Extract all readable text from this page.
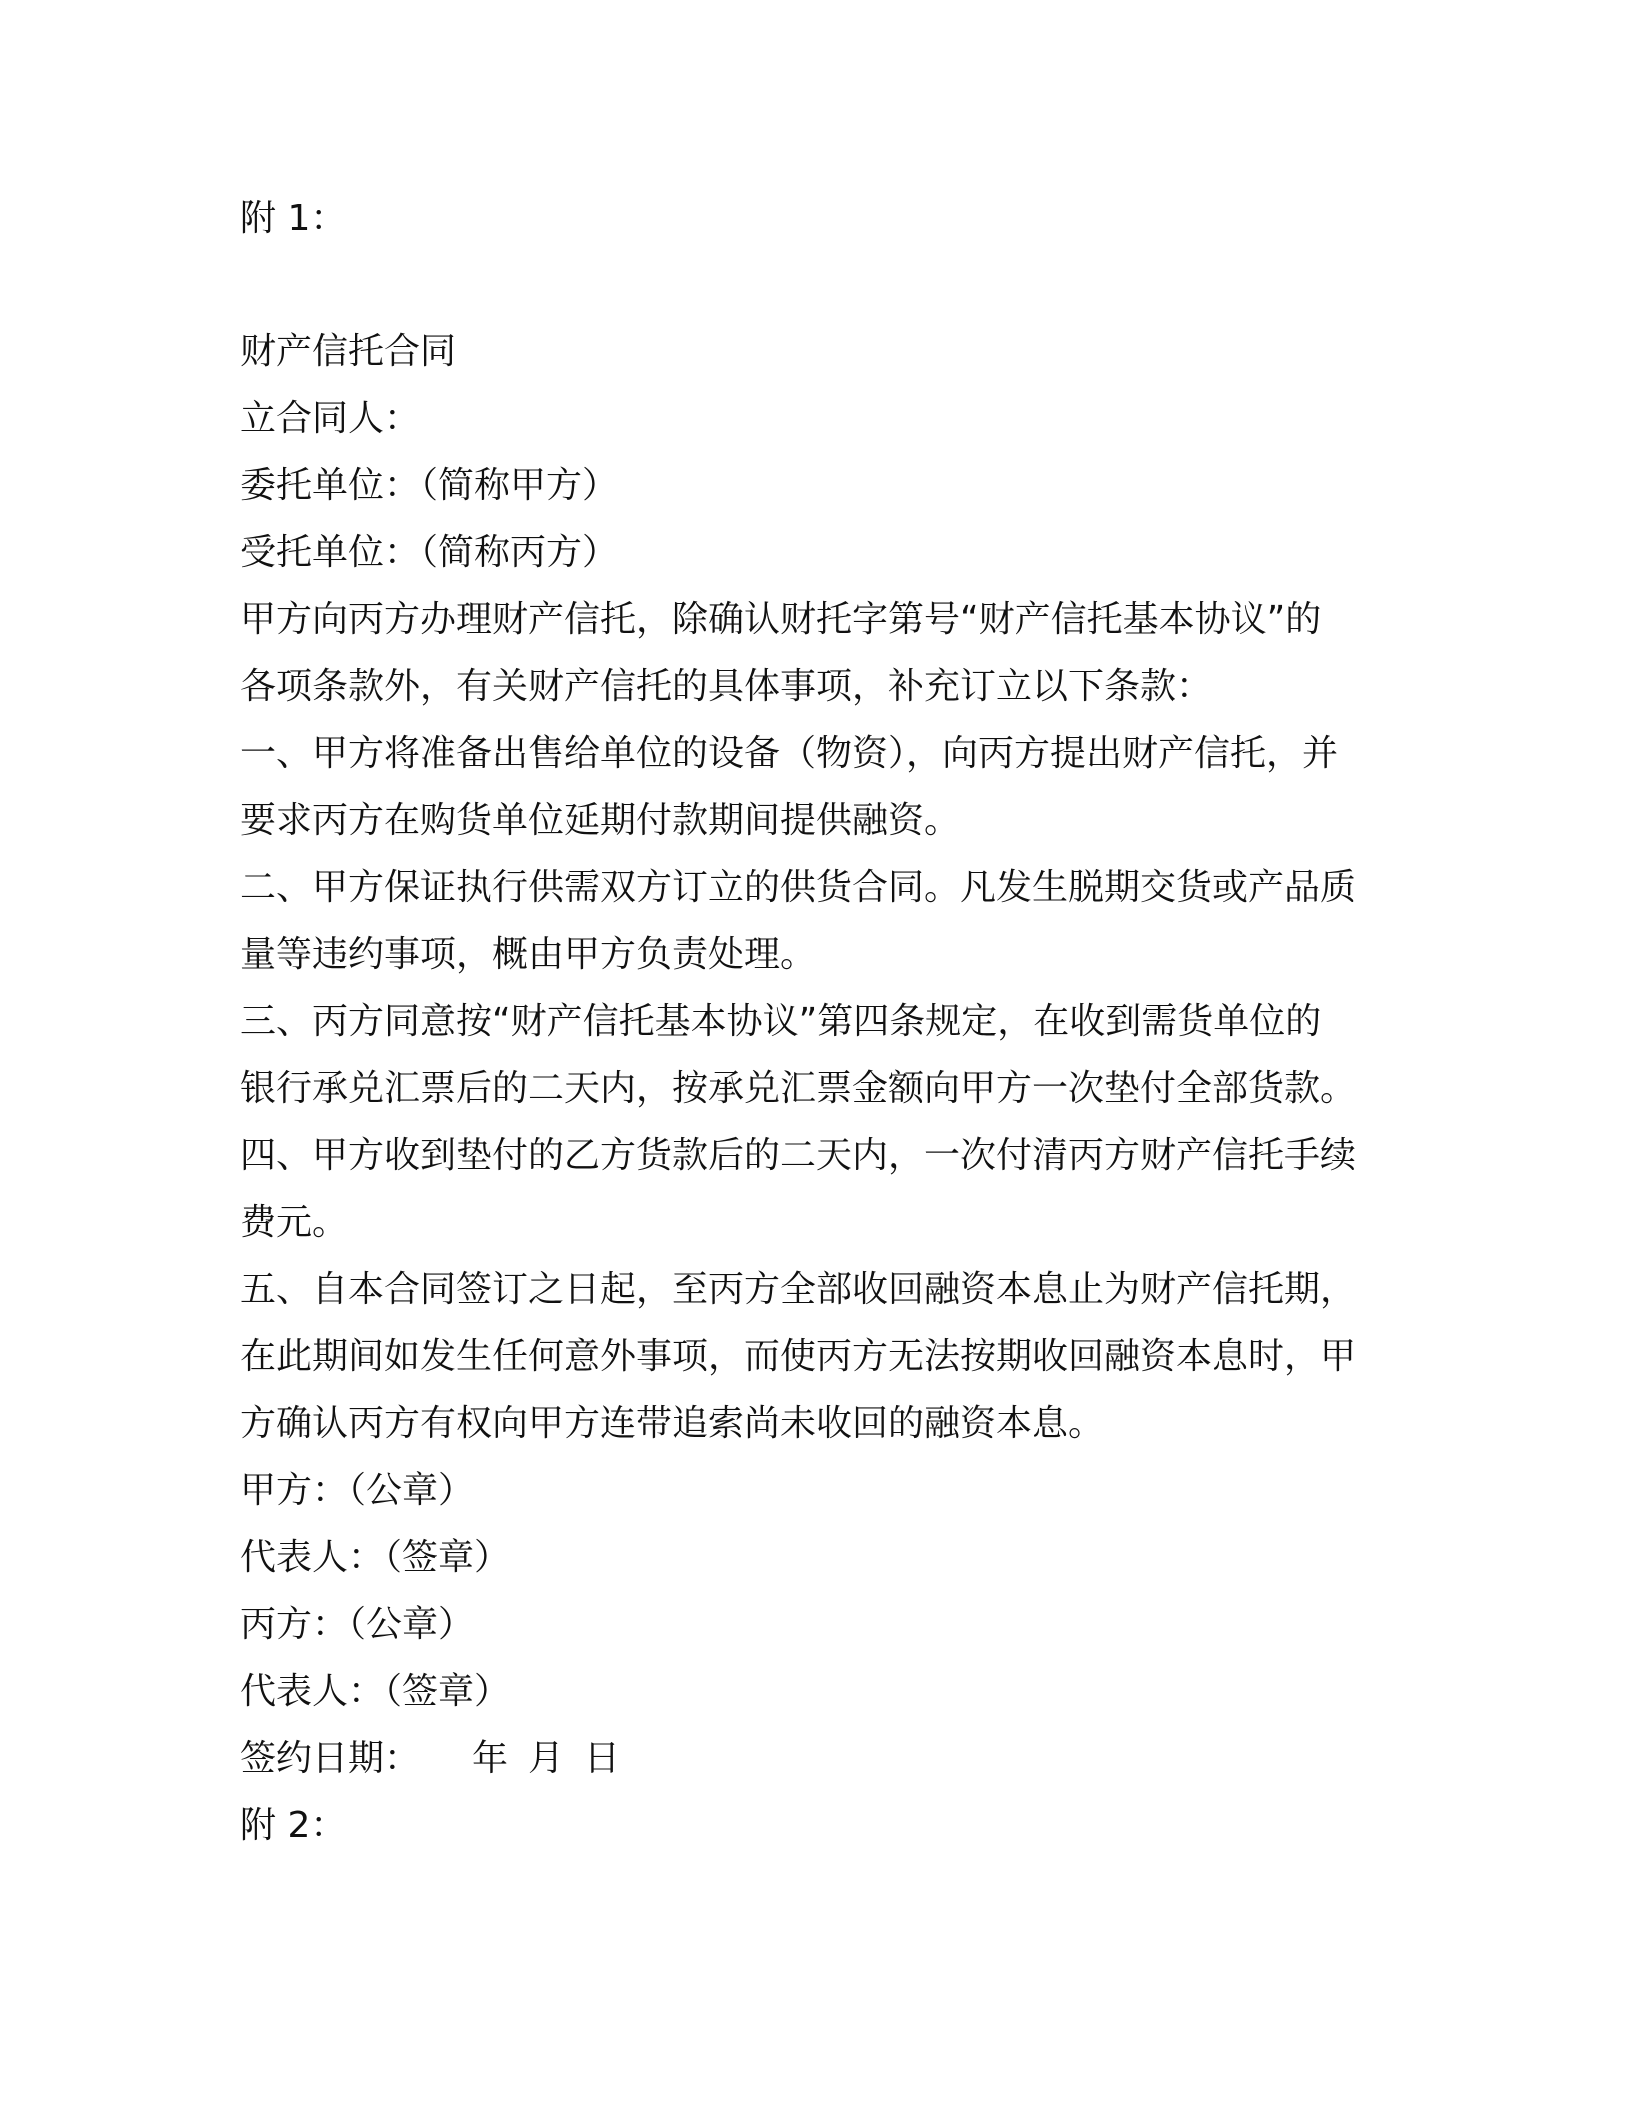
附 1：

财产信托合同
立合同人：
委托单位：（简称甲方）
受托单位：（简称丙方）
甲方向丙方办理财产信托，除确认财托字第号“财产信托基本协议”的
各项条款外，有关财产信托的具体事项，补充订立以下条款：
一、甲方将准备出售给单位的设备（物资），向丙方提出财产信托，并
要求丙方在购货单位延期付款期间提供融资。
二、甲方保证执行供需双方订立的供货合同。凡发生脱期交货或产品质
量等违约事项，概由甲方负责处理。
三、丙方同意按“财产信托基本协议”第四条规定，在收到需货单位的
银行承兑汇票后的二天内，按承兑汇票金额向甲方一次垫付全部货款。
四、甲方收到垫付的乙方货款后的二天内，一次付清丙方财产信托手续
费元。
五、自本合同签订之日起，至丙方全部收回融资本息止为财产信托期，
在此期间如发生任何意外事项，而使丙方无法按期收回融资本息时，甲
方确认丙方有权向甲方连带追索尚未收回的融资本息。
甲方：（公章）
代表人：（签章）
丙方：（公章）
代表人：（签章）
签约日期： 年 月 日
附 2：
